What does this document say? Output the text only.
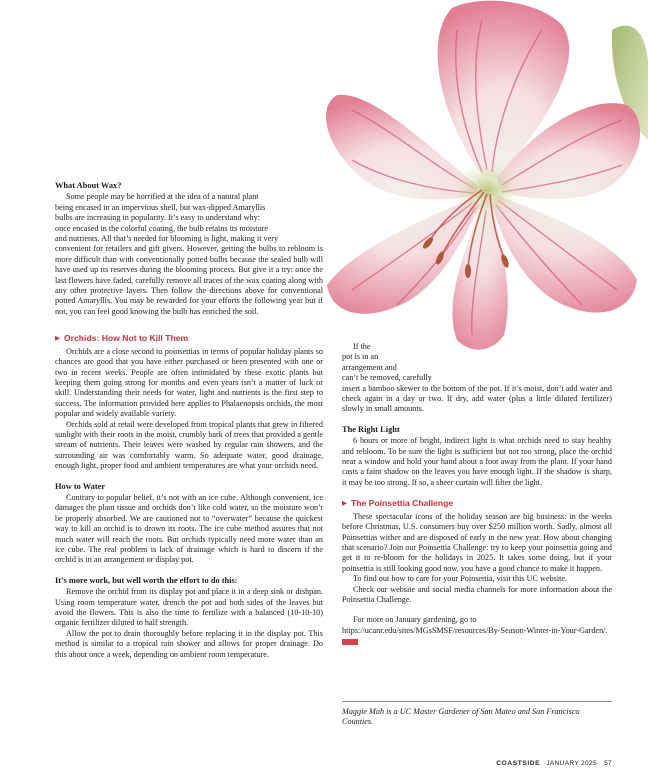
What About Wax?
Some people may be horrified at the idea of a natural plant
being encased in an impervious shell, but wax-dipped Amaryllis
bulbs are increasing in popularity. It’s easy to understand why:
once encased in the colorful coating, the bulb retains its moisture
and nutrients. All that’s needed for blooming is light, making it very

convenient for retailers and gift givers. However, getting the bulbs to rebloom is more difficult than with conventionally potted bulbs because the sealed bulb will have used up its reserves during the blooming process. But give it a try: once the last flowers have faded, carefully remove all traces of the wax coating along with any other protective layers. Then follow the directions above for conventional potted Amaryllis. You may be rewarded for your efforts the following year but if not, you can feel good knowing the bulb has enriched the soil.

▶ Orchids: How Not to Kill Them

Orchids are a close second to poinsettias in terms of popular holiday plants so chances are good that you have either purchased or been presented with one or two in recent weeks. People are often intimidated by these exotic plants but keeping them going strong for months and even years isn’t a matter of luck or skill. Understanding their needs for water, light and nutrients is the first step to success. The information provided here applies to Phalaenopsis orchids, the most popular and widely available variety.

Orchids sold at retail were developed from tropical plants that grew in filtered sunlight with their roots in the moist, crumbly bark of trees that provided a gentle stream of nutrients. Their leaves were washed by regular rain showers, and the surrounding air was comfortably warm. So adequate water, good drainage, enough light, proper food and ambient temperatures are what your orchids need.

How to Water

Contrary to popular belief, it’s not with an ice cube. Although convenient, ice damages the plant tissue and orchids don’t like cold water, so the moisture won’t be properly absorbed. We are cautioned not to “overwater” because the quickest way to kill an orchid is to drown its roots. The ice cube method assures that not much water will reach the roots. But orchids typically need more water than an ice cube. The real problem is lack of drainage which is hard to discern if the orchid is in an arrangement or display pot.

It’s more work, but well worth the effort to do this:

Remove the orchid from its display pot and place it in a deep sink or dishpan. Using room temperature water, drench the pot and both sides of the leaves but avoid the flowers. This is also the time to fertilize with a balanced (10-10-10) organic fertilizer diluted to half strength.

Allow the pot to drain thoroughly before replacing it in the display pot. This method is similar to a tropical rain shower and allows for proper drainage. Do this about once a week, depending on ambient room temperature.

If the
pot is in an
arrangement and
can’t be removed, carefully

insert a bamboo skewer to the bottom of the pot. If it’s moist, don’t add water and check again in a day or two. If dry, add water (plus a little diluted fertilizer) slowly in small amounts.

The Right Light

6 hours or more of bright, indirect light is what orchids need to stay healthy and rebloom. To be sure the light is sufficient but not too strong, place the orchid near a window and hold your hand about a foot away from the plant. If your hand casts a faint shadow on the leaves you have enough light. If the shadow is sharp, it may be too strong. If so, a sheer curtain will filter the light.

▶ The Poinsettia Challenge

These spectacular icons of the holiday season are big business: in the weeks before Christmas, U.S. consumers buy over $250 million worth. Sadly, almost all Poinsettias wither and are disposed of early in the new year. How about changing that scenario? Join our Poinsettia Challenge: try to keep your poinsettia going and get it to re-bloom for the holidays in 2025. It takes some doing, but if your poinsettia is still looking good now, you have a good chance to make it happen.

To find out how to care for your Poinsettia, visit this UC website.

Check our website and social media channels for more information about the Poinsettia Challenge.

For more on January gardening, go to https://ucanr.edu/sites/MGsSMSF/resources/By-Season-Winter-in-Your-Garden/.

Maggie Mah is a UC Master Gardener of San Mateo and San Francisco Counties.
COASTSIDE JANUARY 2025 57
